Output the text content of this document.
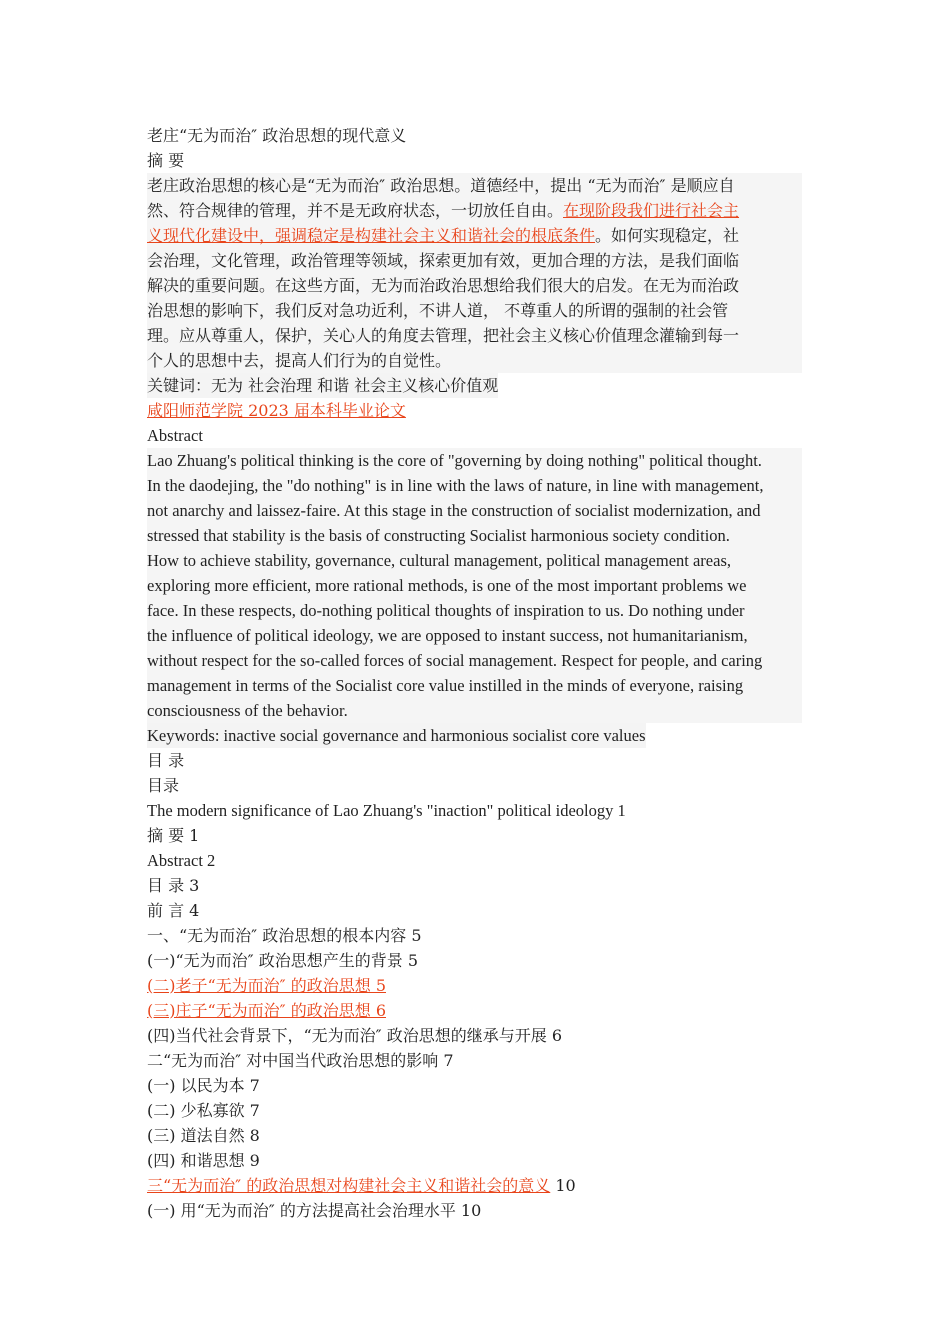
老庄“无为而治″ 政治思想的现代意义
摘 要
老庄政治思想的核心是“无为而治″ 政治思想。道德经中，提出 “无为而治″ 是顺应自
然、符合规律的管理，并不是无政府状态，一切放任自由。在现阶段我们进行社会主
义现代化建设中，强调稳定是构建社会主义和谐社会的根底条件。如何实现稳定，社
会治理，文化管理，政治管理等领域，探索更加有效，更加合理的方法，是我们面临
解决的重要问题。在这些方面，无为而治政治思想给我们很大的启发。在无为而治政
治思想的影响下，我们反对急功近利，不讲人道， 不尊重人的所谓的强制的社会管
理。应从尊重人，保护，关心人的角度去管理，把社会主义核心价值理念灌输到每一
个人的思想中去，提高人们行为的自觉性。
关键词：无为 社会治理 和谐 社会主义核心价值观
咸阳师范学院 2023 届本科毕业论文
Abstract
Lao Zhuang's political thinking is the core of "governing by doing nothing" political thought.
In the daodejing, the "do nothing" is in line with the laws of nature, in line with management,
not anarchy and laissez-faire. At this stage in the construction of socialist modernization, and
stressed that stability is the basis of constructing Socialist harmonious society condition.
How to achieve stability, governance, cultural management, political management areas,
exploring more efficient, more rational methods, is one of the most important problems we
face. In these respects, do-nothing political thoughts of inspiration to us. Do nothing under
the influence of political ideology, we are opposed to instant success, not humanitarianism,
without respect for the so-called forces of social management. Respect for people, and caring
management in terms of the Socialist core value instilled in the minds of everyone, raising
consciousness of the behavior.
Keywords: inactive social governance and harmonious socialist core values
目 录
目录
The modern significance of Lao Zhuang's "inaction" political ideology 1
摘 要 1
Abstract 2
目 录 3
前 言 4
一、“无为而治″ 政治思想的根本内容 5
(一)“无为而治″ 政治思想产生的背景 5
(二)老子“无为而治″ 的政治思想 5
(三)庄子“无为而治″ 的政治思想 6
(四)当代社会背景下，“无为而治″ 政治思想的继承与开展 6
二“无为而治″ 对中国当代政治思想的影响 7
(一) 以民为本 7
(二) 少私寡欲 7
(三) 道法自然 8
(四) 和谐思想 9
三“无为而治″ 的政治思想对构建社会主义和谐社会的意义 10
(一) 用“无为而治″ 的方法提高社会治理水平 10
